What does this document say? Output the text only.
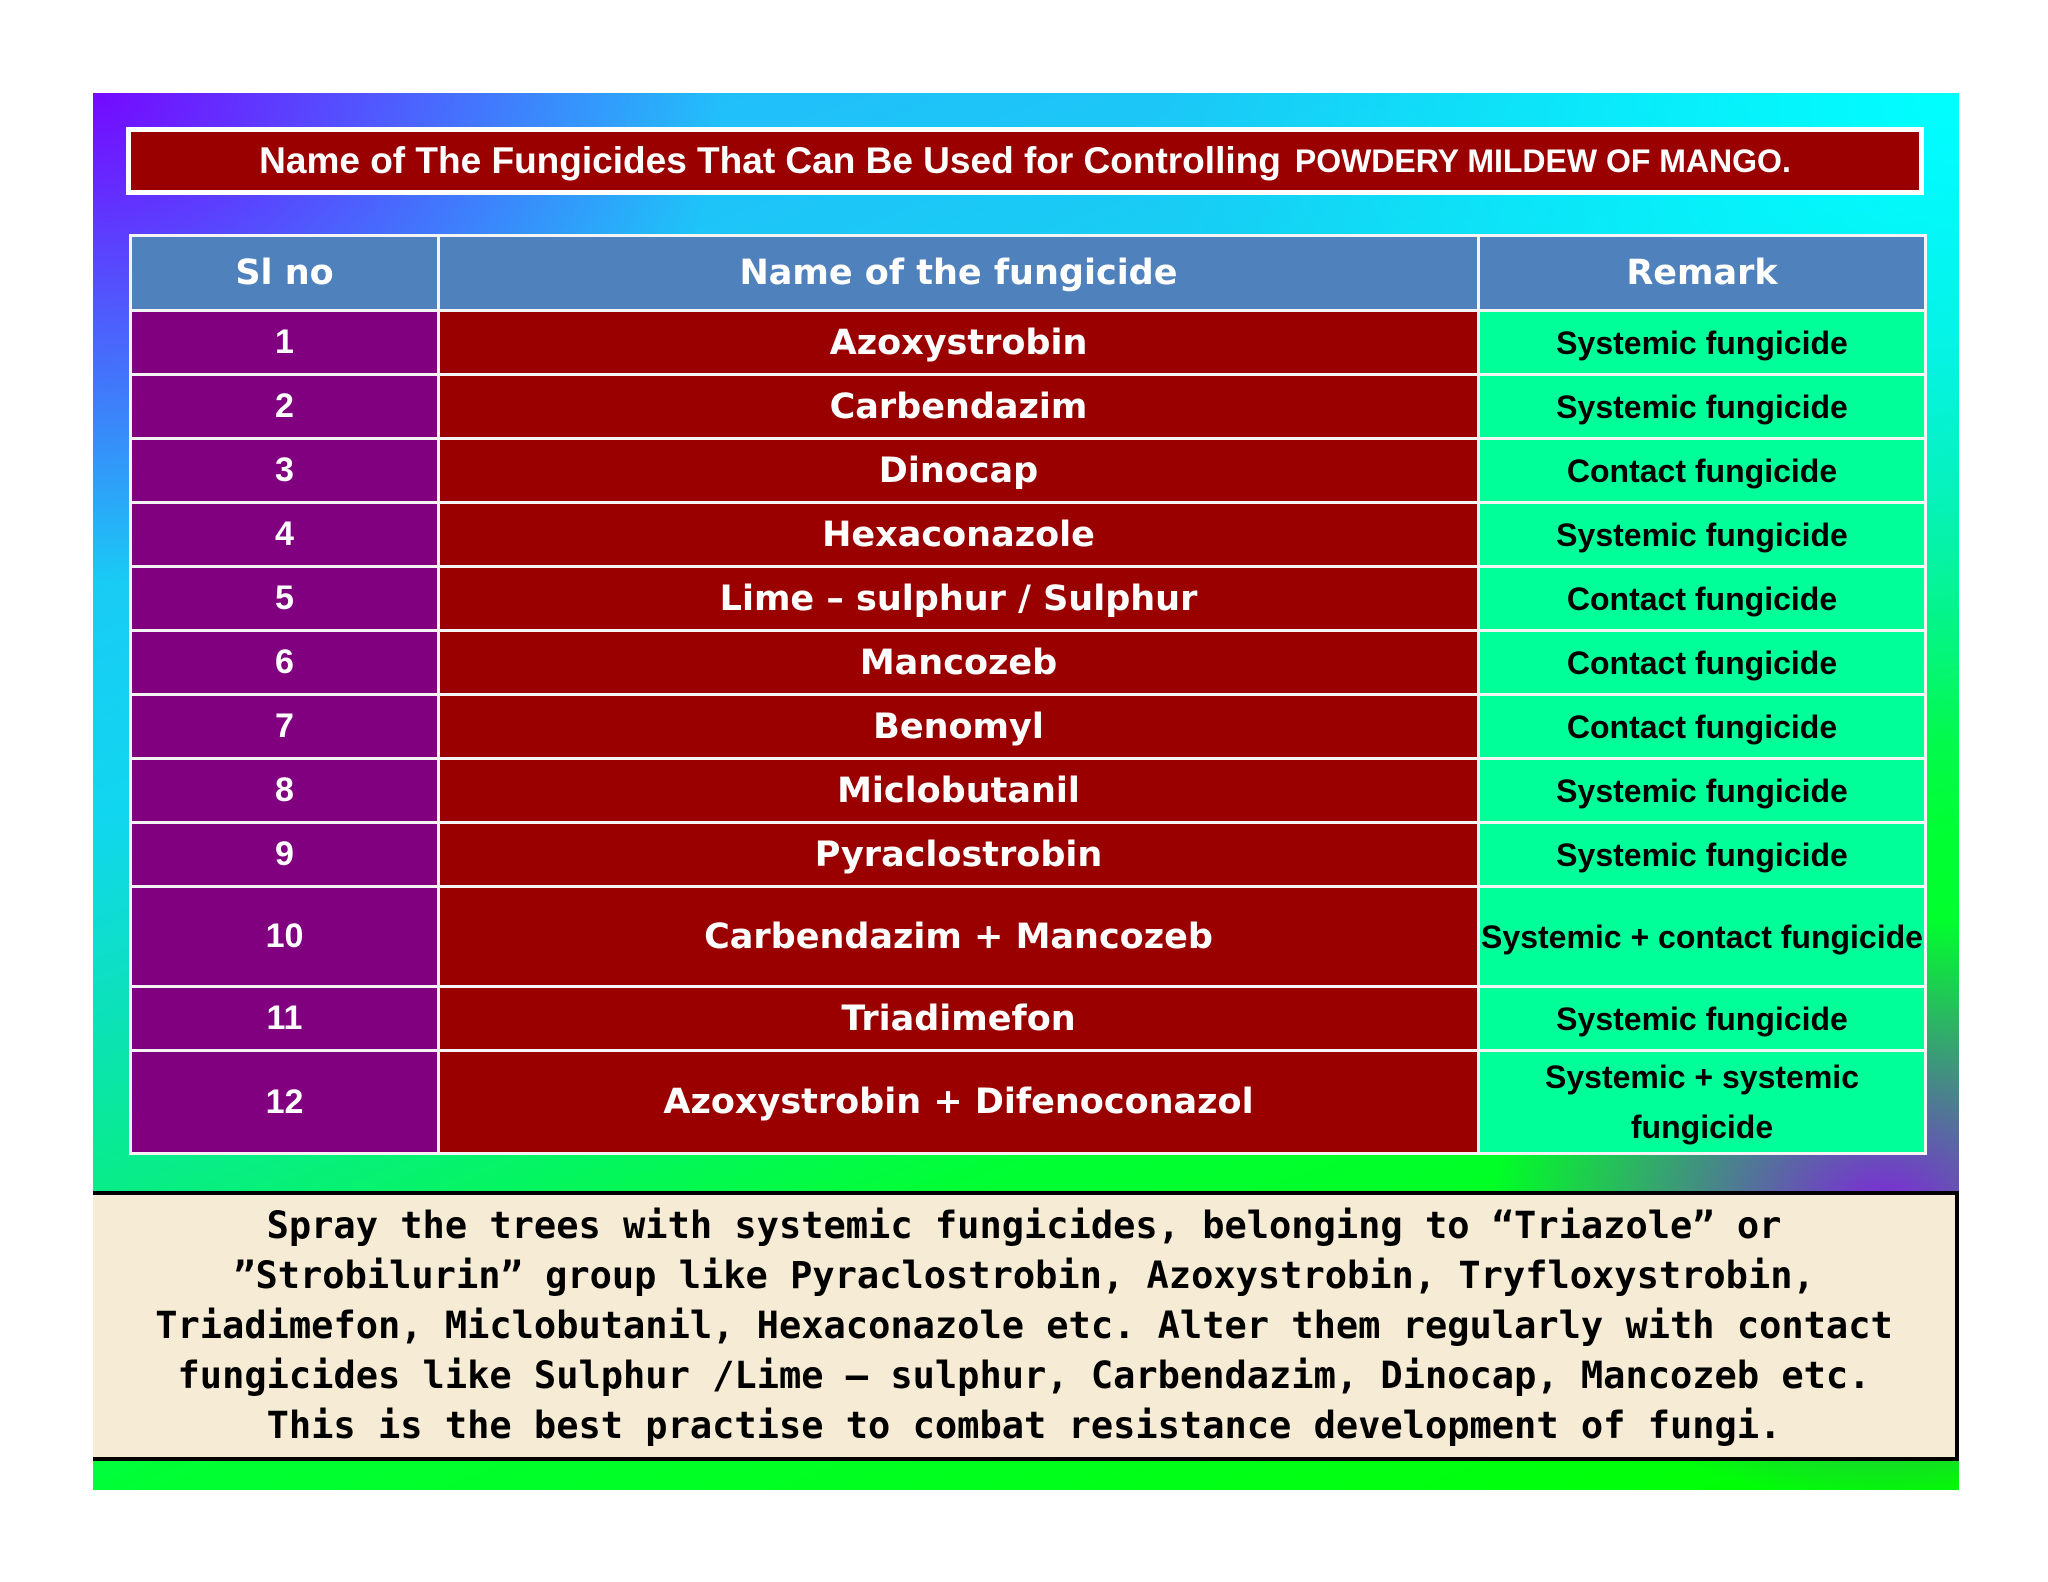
Name of The Fungicides That Can Be Used for Controlling POWDERY MILDEW OF MANGO.
Sl no	Name of the fungicide	Remark
1	Azoxystrobin	Systemic fungicide
2	Carbendazim	Systemic fungicide
3	Dinocap	Contact fungicide
4	Hexaconazole	Systemic fungicide
5	Lime – sulphur / Sulphur	Contact fungicide
6	Mancozeb	Contact fungicide
7	Benomyl	Contact fungicide
8	Miclobutanil	Systemic fungicide
9	Pyraclostrobin	Systemic fungicide
10	Carbendazim + Mancozeb	Systemic + contact fungicide
11	Triadimefon	Systemic fungicide
12	Azoxystrobin + Difenoconazol	Systemic + systemic fungicide

Spray the trees with systemic fungicides, belonging to “Triazole” or ”Strobilurin” group like Pyraclostrobin, Azoxystrobin, Tryfloxystrobin, Triadimefon, Miclobutanil, Hexaconazole etc. Alter them regularly with contact fungicides like Sulphur /Lime – sulphur, Carbendazim, Dinocap, Mancozeb etc. This is the best practise to combat resistance development of fungi.
